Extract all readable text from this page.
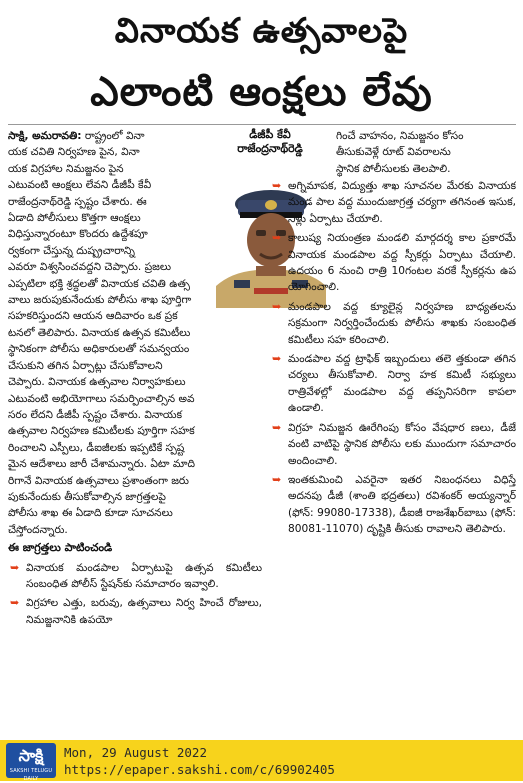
వినాయక ఉత్సవాలపై
ఎలాంటి ఆంక్షలు లేవు

సాక్షి, అమరావతి: రాష్ట్రంలో వినా
యక చవితి నిర్వహణ పైన, వినా
యక విగ్రహాల నిమజ్జనం పైన
ఎటువంటి ఆంక్షలు లేవని డీజీపీ కేవీ
రాజేంద్రనాథ్‌రెడ్డి స్పష్టం చేశారు. ఈ
ఏడాది పోలీసులు కొత్తగా ఆంక్షలు
విధిస్తున్నారంటూ కొందరు ఉద్దేశపూ
ర్వకంగా చేస్తున్న దుష్ప్రచారాన్ని
ఎవరూ విశ్వసించవద్దని చెప్పారు. ప్రజలు
ఎప్పటిలా భక్తి శ్రద్ధలతో వినాయక చవితి ఉత్స
వాలు జరుపుకునేందుకు పోలీసు శాఖ పూర్తిగా
సహకరిస్తుందని ఆయన ఆదివారం ఒక ప్రక
టనలో తెలిపారు. వినాయక ఉత్సవ కమిటీలు
స్థానికంగా పోలీసు అధికారులతో సమన్వయం
చేసుకుని తగిన ఏర్పాట్లు చేసుకోవాలని
చెప్పారు. వినాయక ఉత్సవాల నిర్వాహకులు
ఎటువంటి అభియోగాలు సమర్పించాల్సిన అవ
సరం లేదని డీజీపీ స్పష్టం చేశారు. వినాయక
ఉత్సవాల నిర్వహణ కమిటీలకు పూర్తిగా సహక
రించాలని ఎస్పీలు, డీఐజీలకు ఇప్పటికే స్పష్ట
మైన ఆదేశాలు జారీ చేశామన్నారు. ఏటా మాది
రిగానే వినాయక ఉత్సవాలు ప్రశాంతంగా జరు
పుకునేందుకు తీసుకోవాల్సిన జాగ్రత్తలపై
పోలీసు శాఖ ఈ ఏడాది కూడా సూచనలు
చేస్తోందన్నారు.

ఈ జాగ్రత్తలు పాటించండి

➥ వినాయక మండపాల ఏర్పాటుపై ఉత్సవ కమిటీలు సంబంధిత పోలీస్ స్టేషన్‌కు సమాచారం ఇవ్వాలి.
➥ విగ్రహాల ఎత్తు, బరువు, ఉత్సవాలు నిర్వ హించే రోజులు, నిమజ్జనానికి ఉపయో
డీజీపీ కేవీ
రాజేంద్రనాథ్‌రెడ్డి

గించే వాహనం, నిమజ్జనం కోసం
తీసుకువెళ్లే రూట్ వివరాలను
స్థానిక పోలీసులకు తెలపాలి.

➥ అగ్నిమాపక, విద్యుత్తు శాఖ సూచనల మేరకు వినాయక మండ పాల వద్ద ముందుజాగ్రత్త చర్యగా తగినంత ఇసుక, నీళ్లు ఏర్పాటు చేయాలి.
➥ కాలుష్య నియంత్రణ మండలి మార్గదర్శ కాల ప్రకారమే వినాయక మండపాల వద్ద స్పీకర్లు ఏర్పాటు చేయాలి. ఉదయం 6 నుంచి రాత్రి 10గంటల వరకే స్పీకర్లను ఉప యోగించాలి.
➥ మండపాల వద్ద క్యూలైన్ల నిర్వహణ బాధ్యతలను సక్రమంగా నిర్వర్తించేందుకు పోలీసు శాఖకు సంబంధిత కమిటీలు సహ కరించాలి.
➥ మండపాల వద్ద ట్రాఫిక్ ఇబ్బందులు తలె త్తకుండా తగిన చర్యలు తీసుకోవాలి. నిర్వా హక కమిటీ సభ్యులు రాత్రివేళల్లో మండపాల వద్ద తప్పనిసరిగా కాపలా ఉండాలి.
➥ విగ్రహ నిమజ్జన ఊరేగింపు కోసం వేషధార ణలు, డీజే వంటి వాటిపై స్థానిక పోలీసు లకు ముందుగా సమాచారం అందించాలి.
➥ ఇంతకుమించి ఎవరైనా ఇతర నిబంధనలు విధిస్తే అదనపు డీజీ (శాంతి భద్రతలు) రవిశంకర్ అయ్యన్నార్ (ఫోన్: 99080-17338), డీఐజీ రాజశేఖర్‌బాబు (ఫోన్: 80081-11070) దృష్టికి తీసుకు రావాలని తెలిపారు.
సాక్షి
SAKSHI TELUGU DAILY
Mon, 29 August 2022
https://epaper.sakshi.com/c/69902405
